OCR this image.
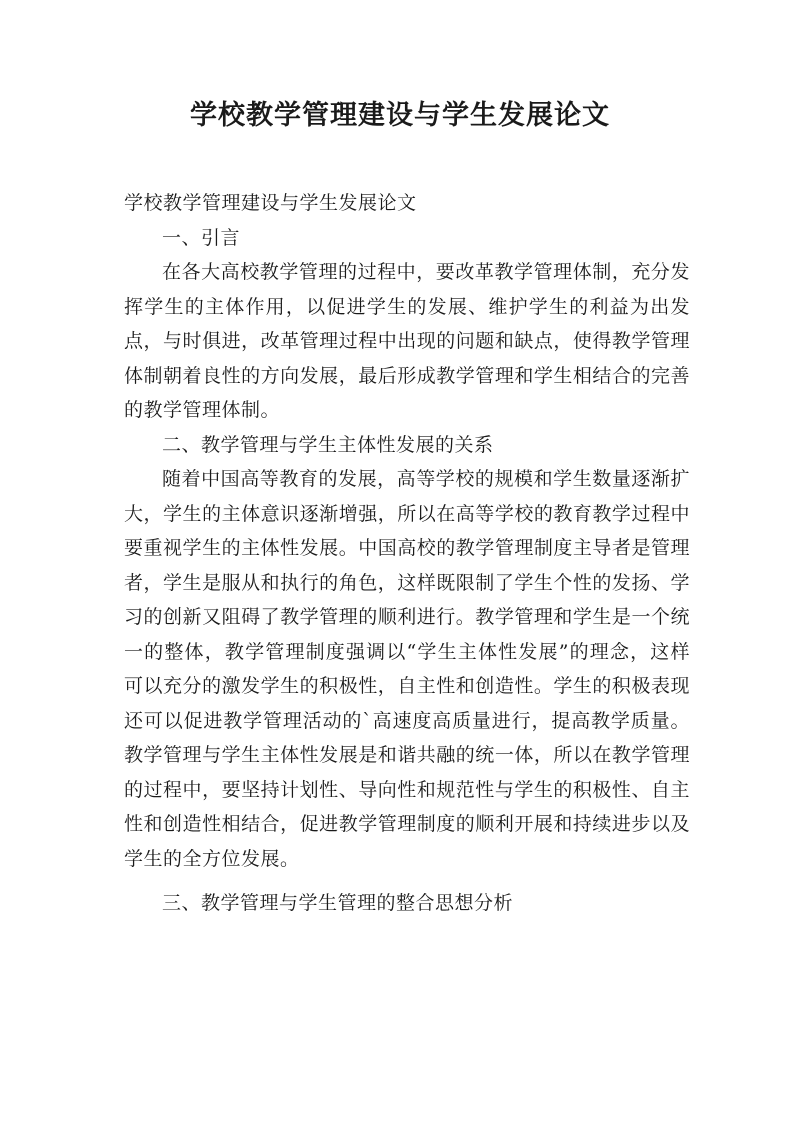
学校教学管理建设与学生发展论文

学校教学管理建设与学生发展论文

一、引言

在各大高校教学管理的过程中，要改革教学管理体制，充分发挥学生的主体作用，以促进学生的发展、维护学生的利益为出发点，与时俱进，改革管理过程中出现的问题和缺点，使得教学管理体制朝着良性的方向发展，最后形成教学管理和学生相结合的完善的教学管理体制。

二、教学管理与学生主体性发展的关系

随着中国高等教育的发展，高等学校的规模和学生数量逐渐扩大，学生的主体意识逐渐增强，所以在高等学校的教育教学过程中要重视学生的主体性发展。中国高校的教学管理制度主导者是管理者，学生是服从和执行的角色，这样既限制了学生个性的发扬、学习的创新又阻碍了教学管理的顺利进行。教学管理和学生是一个统一的整体，教学管理制度强调以“学生主体性发展”的理念，这样可以充分的激发学生的积极性，自主性和创造性。学生的积极表现还可以促进教学管理活动的`高速度高质量进行，提高教学质量。教学管理与学生主体性发展是和谐共融的统一体，所以在教学管理的过程中，要坚持计划性、导向性和规范性与学生的积极性、自主性和创造性相结合，促进教学管理制度的顺利开展和持续进步以及学生的全方位发展。

三、教学管理与学生管理的整合思想分析
